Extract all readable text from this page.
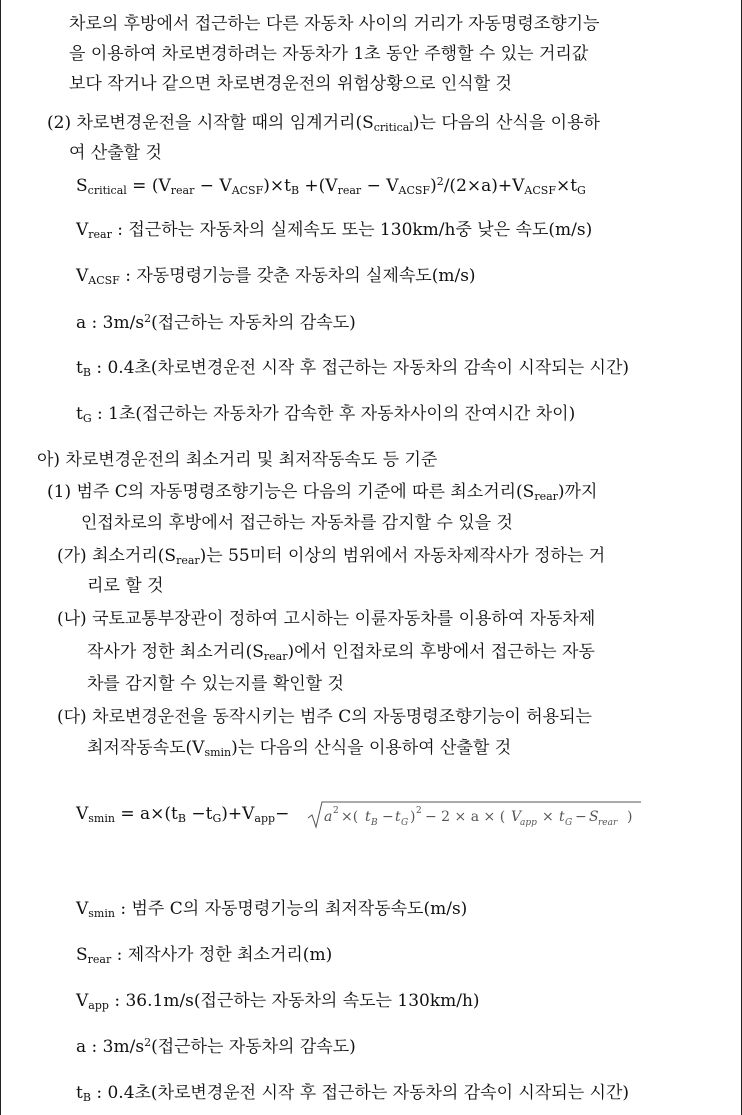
차로의 후방에서 접근하는 다른 자동차 사이의 거리가 자동명령조향기능
을 이용하여 차로변경하려는 자동차가 1초 동안 주행할 수 있는 거리값
보다 작거나 같으면 차로변경운전의 위험상황으로 인식할 것
(2) 차로변경운전을 시작할 때의 임계거리$(S_{critical})$는 다음의 산식을 이용하
여 산출할 것
$S_{critical} = (V_{rear} - V_{ACSF})\times t_B +(V_{rear} - V_{ACSF})^2/(2\times a)+V_{ACSF}\times t_G$
$V_{rear}$ : 접근하는 자동차의 실제속도 또는 130km/h중 낮은 속도(m/s)
$V_{ACSF}$ : 자동명령기능를 갖춘 자동차의 실제속도(m/s)
a : $3m/s^2$(접근하는 자동차의 감속도)
$t_B$ : 0.4초(차로변경운전 시작 후 접근하는 자동차의 감속이 시작되는 시간)
$t_G$ : 1초(접근하는 자동차가 감속한 후 자동차사이의 잔여시간 차이)
아) 차로변경운전의 최소거리 및 최저작동속도 등 기준
(1) 범주 C의 자동명령조향기능은 다음의 기준에 따른 최소거리$(S_{rear})$까지
인접차로의 후방에서 접근하는 자동차를 감지할 수 있을 것
(가) 최소거리$(S_{rear})$는 55미터 이상의 범위에서 자동차제작사가 정하는 거
리로 할 것
(나) 국토교통부장관이 정하여 고시하는 이륜자동차를 이용하여 자동차제
작사가 정한 최소거리$(S_{rear})$에서 인접차로의 후방에서 접근하는 자동
차를 감지할 수 있는지를 확인할 것
(다) 차로변경운전을 동작시키는 범주 C의 자동명령조향기능이 허용되는
최저작동속도$(V_{smin})$는 다음의 산식을 이용하여 산출할 것
$V_{smin} = a\times(t_B -t_G)+V_{app}- a$ 2 ×( t B − t G ) 2 − 2 × a × ( V
app × t G − S rear )
$V_{smin}$ : 범주 C의 자동명령기능의 최저작동속도(m/s)
$S_{rear}$ : 제작사가 정한 최소거리(m)
$V_{app}$ : 36.1m/s(접근하는 자동차의 속도는 130km/h)
a : $3m/s^2$(접근하는 자동차의 감속도)
$t_B$ : 0.4초(차로변경운전 시작 후 접근하는 자동차의 감속이 시작되는 시간)
